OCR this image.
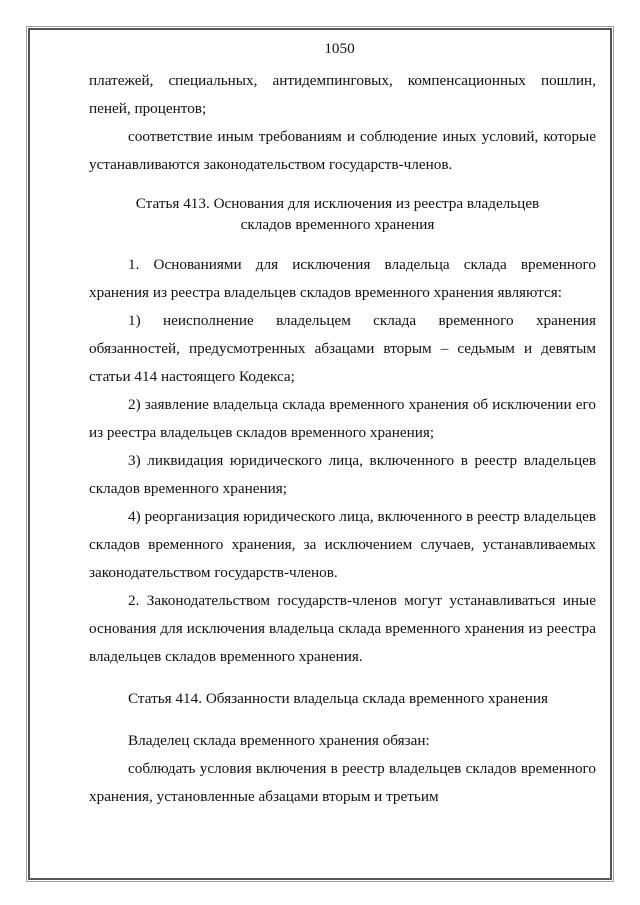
1050

платежей, специальных, антидемпинговых, компенсационных пошлин, пеней, процентов;

соответствие иным требованиям и соблюдение иных условий, которые устанавливаются законодательством государств-членов.

Статья 413. Основания для исключения из реестра владельцев
складов временного хранения

1. Основаниями для исключения владельца склада временного хранения из реестра владельцев складов временного хранения являются:

1) неисполнение владельцем склада временного хранения обязанностей, предусмотренных абзацами вторым – седьмым и девятым статьи 414 настоящего Кодекса;

2) заявление владельца склада временного хранения об исключении его из реестра владельцев складов временного хранения;

3) ликвидация юридического лица, включенного в реестр владельцев складов временного хранения;

4) реорганизация юридического лица, включенного в реестр владельцев складов временного хранения, за исключением случаев, устанавливаемых законодательством государств-членов.

2. Законодательством государств-членов могут устанавливаться иные основания для исключения владельца склада временного хранения из реестра владельцев складов временного хранения.

Статья 414. Обязанности владельца склада временного хранения

Владелец склада временного хранения обязан:

соблюдать условия включения в реестр владельцев складов временного хранения, установленные абзацами вторым и третьим
